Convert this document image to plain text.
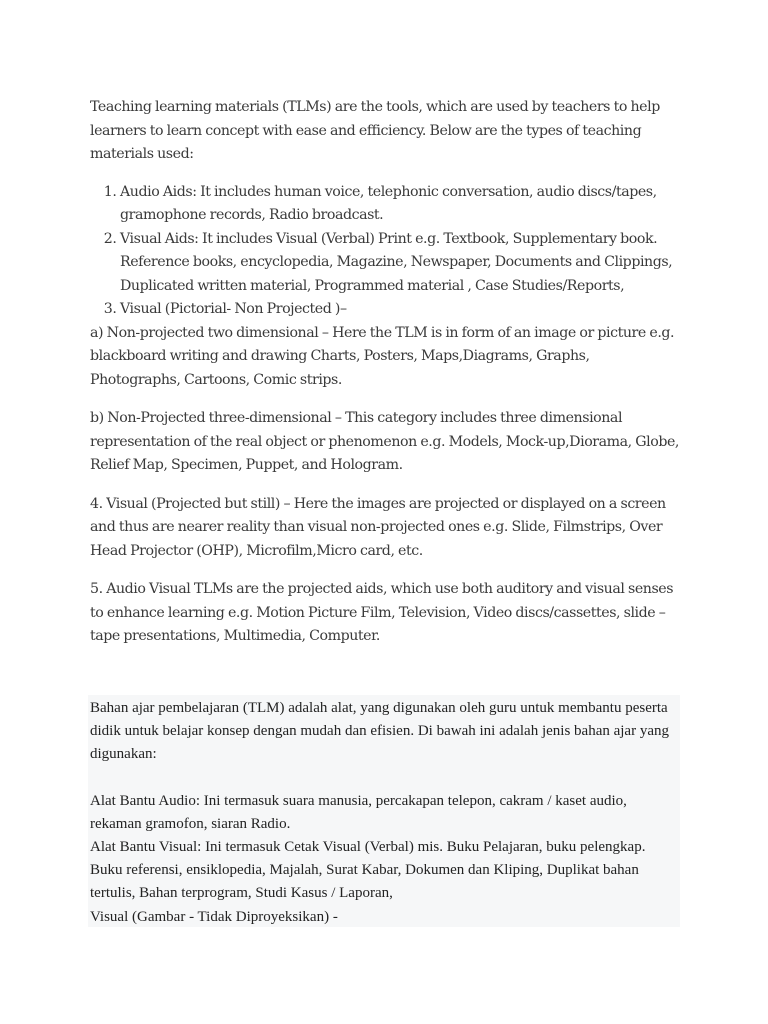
Teaching learning materials (TLMs) are the tools, which are used by teachers to help learners to learn concept with ease and efficiency. Below are the types of teaching materials used:

1. Audio Aids: It includes human voice, telephonic conversation, audio discs/tapes, gramophone records, Radio broadcast.
2. Visual Aids: It includes Visual (Verbal) Print e.g. Textbook, Supplementary book. Reference books, encyclopedia, Magazine, Newspaper, Documents and Clippings, Duplicated written material, Programmed material , Case Studies/Reports,
3. Visual (Pictorial- Non Projected )–

a) Non-projected two dimensional – Here the TLM is in form of an image or picture e.g. blackboard writing and drawing Charts, Posters, Maps,Diagrams, Graphs, Photographs, Cartoons, Comic strips.

b) Non-Projected three-dimensional – This category includes three dimensional representation of the real object or phenomenon e.g. Models, Mock-up,Diorama, Globe, Relief Map, Specimen, Puppet, and Hologram.

4. Visual (Projected but still) – Here the images are projected or displayed on a screen and thus are nearer reality than visual non-projected ones e.g. Slide, Filmstrips, Over Head Projector (OHP), Microfilm,Micro card, etc.

5. Audio Visual TLMs are the projected aids, which use both auditory and visual senses to enhance learning e.g. Motion Picture Film, Television, Video discs/cassettes, slide – tape presentations, Multimedia, Computer.

Bahan ajar pembelajaran (TLM) adalah alat, yang digunakan oleh guru untuk membantu peserta didik untuk belajar konsep dengan mudah dan efisien. Di bawah ini adalah jenis bahan ajar yang digunakan:

Alat Bantu Audio: Ini termasuk suara manusia, percakapan telepon, cakram / kaset audio, rekaman gramofon, siaran Radio.

Alat Bantu Visual: Ini termasuk Cetak Visual (Verbal) mis. Buku Pelajaran, buku pelengkap. Buku referensi, ensiklopedia, Majalah, Surat Kabar, Dokumen dan Kliping, Duplikat bahan tertulis, Bahan terprogram, Studi Kasus / Laporan,

Visual (Gambar - Tidak Diproyeksikan) -
